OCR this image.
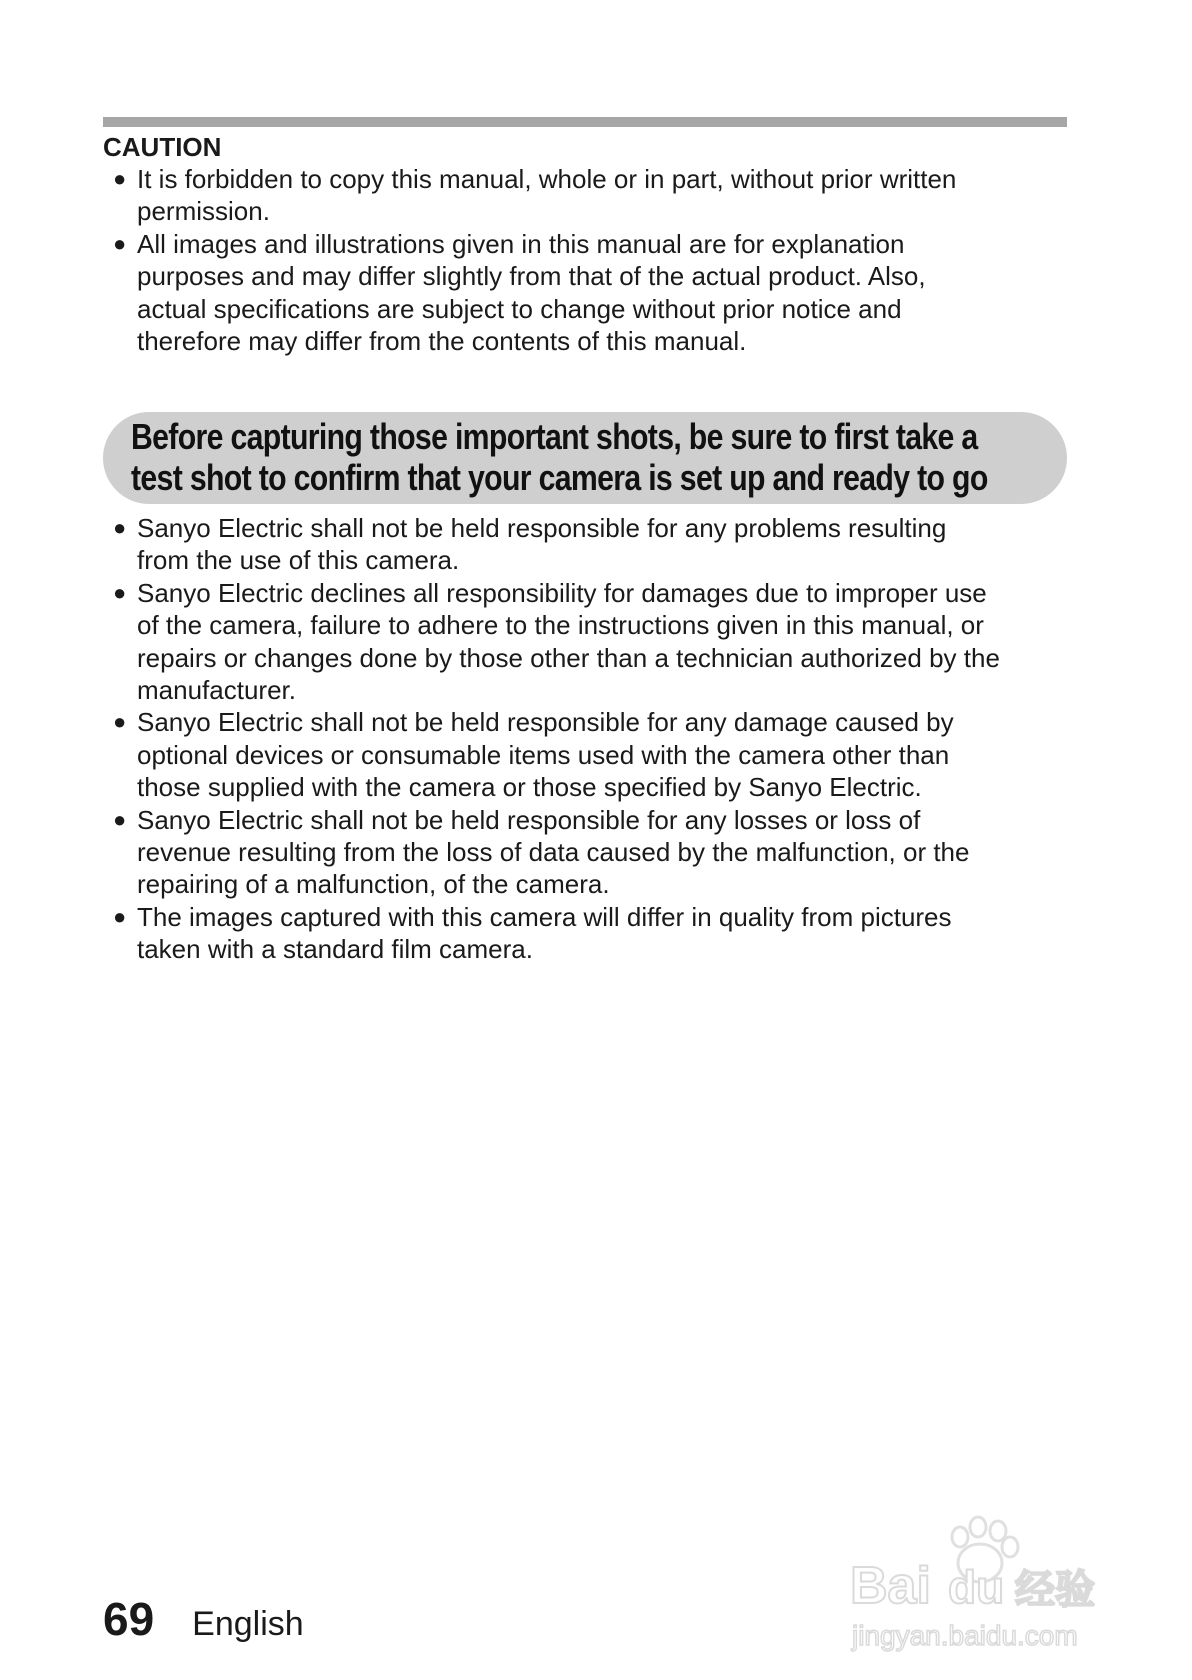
CAUTION

● It is forbidden to copy this manual, whole or in part, without prior written
permission.
● All images and illustrations given in this manual are for explanation
purposes and may differ slightly from that of the actual product. Also,
actual specifications are subject to change without prior notice and
therefore may differ from the contents of this manual.

Before capturing those important shots, be sure to first take a
test shot to confirm that your camera is set up and ready to go

● Sanyo Electric shall not be held responsible for any problems resulting
from the use of this camera.
● Sanyo Electric declines all responsibility for damages due to improper use
of the camera, failure to adhere to the instructions given in this manual, or
repairs or changes done by those other than a technician authorized by the
manufacturer.
● Sanyo Electric shall not be held responsible for any damage caused by
optional devices or consumable items used with the camera other than
those supplied with the camera or those specified by Sanyo Electric.
● Sanyo Electric shall not be held responsible for any losses or loss of
revenue resulting from the loss of data caused by the malfunction, or the
repairing of a malfunction, of the camera.
● The images captured with this camera will differ in quality from pictures
taken with a standard film camera.
69 English
Bai du 经验
jingyan.baidu.com
